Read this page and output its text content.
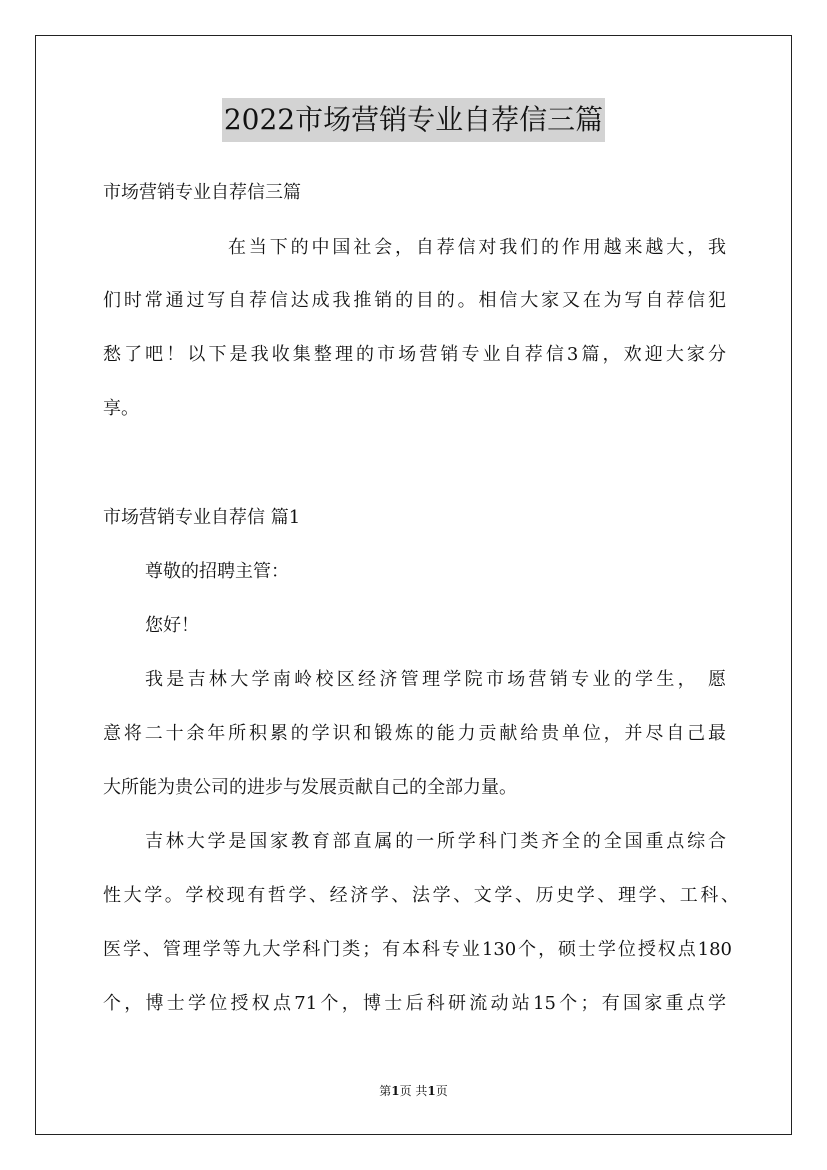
2022市场营销专业自荐信三篇
市场营销专业自荐信三篇
在当下的中国社会，自荐信对我们的作用越来越大，我
们时常通过写自荐信达成我推销的目的。相信大家又在为写自荐信犯
愁了吧！以下是我收集整理的市场营销专业自荐信3篇，欢迎大家分
享。
市场营销专业自荐信 篇1
尊敬的招聘主管：
您好！
我是吉林大学南岭校区经济管理学院市场营销专业的学生， 愿
意将二十余年所积累的学识和锻炼的能力贡献给贵单位，并尽自己最
大所能为贵公司的进步与发展贡献自己的全部力量。
吉林大学是国家教育部直属的一所学科门类齐全的全国重点综合
性大学。学校现有哲学、经济学、法学、文学、历史学、理学、工科、
医学、管理学等九大学科门类；有本科专业130个，硕士学位授权点180
个，博士学位授权点71个，博士后科研流动站15个；有国家重点学
第1页 共1页
